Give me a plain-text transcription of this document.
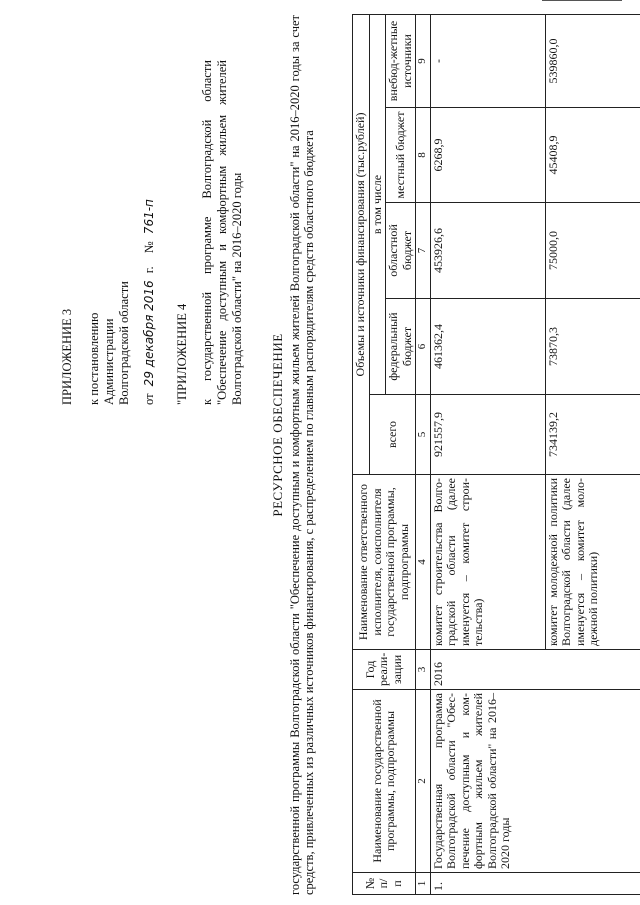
ПРИЛОЖЕНИЕ 3 к постановлению Администрации Волгоградской области от 29 декабря 2016 г. № 761-п
"ПРИЛОЖЕНИЕ 4 к государственной программе Волгоградской области "Обеспечение доступным и комфортным жильем жителей Волгоградской области" на 2016–2020 годы
РЕСУРСНОЕ ОБЕСПЕЧЕНИЕ государственной программы Волгоградской области "Обеспечение доступным и комфортным жильем жителей Волгоградской области" на 2016–2020 годы за счет средств, привлеченных из различных источников финансирования, с распределением по главным распорядителям средств областного бюджета	№ п/п	Наименование государственной программы, подпрограммы	Год реали-зации	Наименование ответственного исполнителя, соисполнителя государственной программы, подпрограммы	Объемы и источники финансирования (тыс.рублей)				
				всего	в том числе			
					федеральный бюджет	областной бюджет	местный бюджет	внебюд-жетные источники
1	2	3	4	5	6	7	8	9
1.	Государственная программа Волгоградской области "Обес-печение доступным и ком-фортным жильем жителей Волгоградской области" на 2016–2020 годы	2016	комитет строительства Волго-градской области (далее именуется – комитет строи-тельства)	921557,9	461362,4	453926,6	6268,9	-
			комитет молодежной политики Волгоградской области (далее именуется – комитет моло-дежной политики)	734139,2	73870,3	75000,0	45408,9	539860,0
